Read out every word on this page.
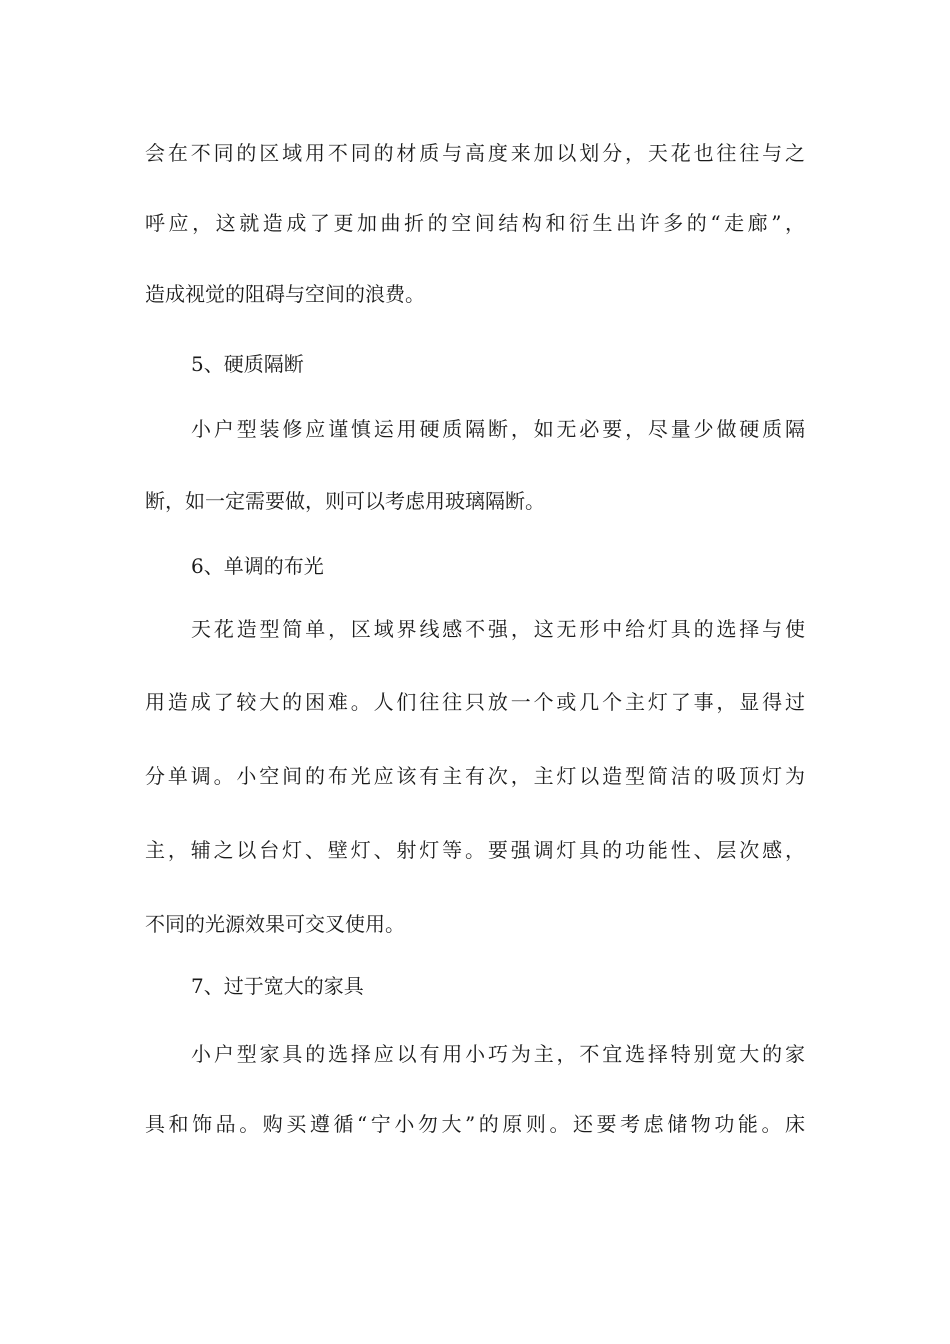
会在不同的区域用不同的材质与高度来加以划分，天花也往往与之
呼应，这就造成了更加曲折的空间结构和衍生出许多的“走廊”，
造成视觉的阻碍与空间的浪费。
5、硬质隔断
小户型装修应谨慎运用硬质隔断，如无必要，尽量少做硬质隔
断，如一定需要做，则可以考虑用玻璃隔断。
6、单调的布光
天花造型简单，区域界线感不强，这无形中给灯具的选择与使
用造成了较大的困难。人们往往只放一个或几个主灯了事，显得过
分单调。小空间的布光应该有主有次，主灯以造型简洁的吸顶灯为
主，辅之以台灯、壁灯、射灯等。要强调灯具的功能性、层次感，
不同的光源效果可交叉使用。
7、过于宽大的家具
小户型家具的选择应以有用小巧为主，不宜选择特别宽大的家
具和饰品。购买遵循“宁小勿大”的原则。还要考虑储物功能。床
